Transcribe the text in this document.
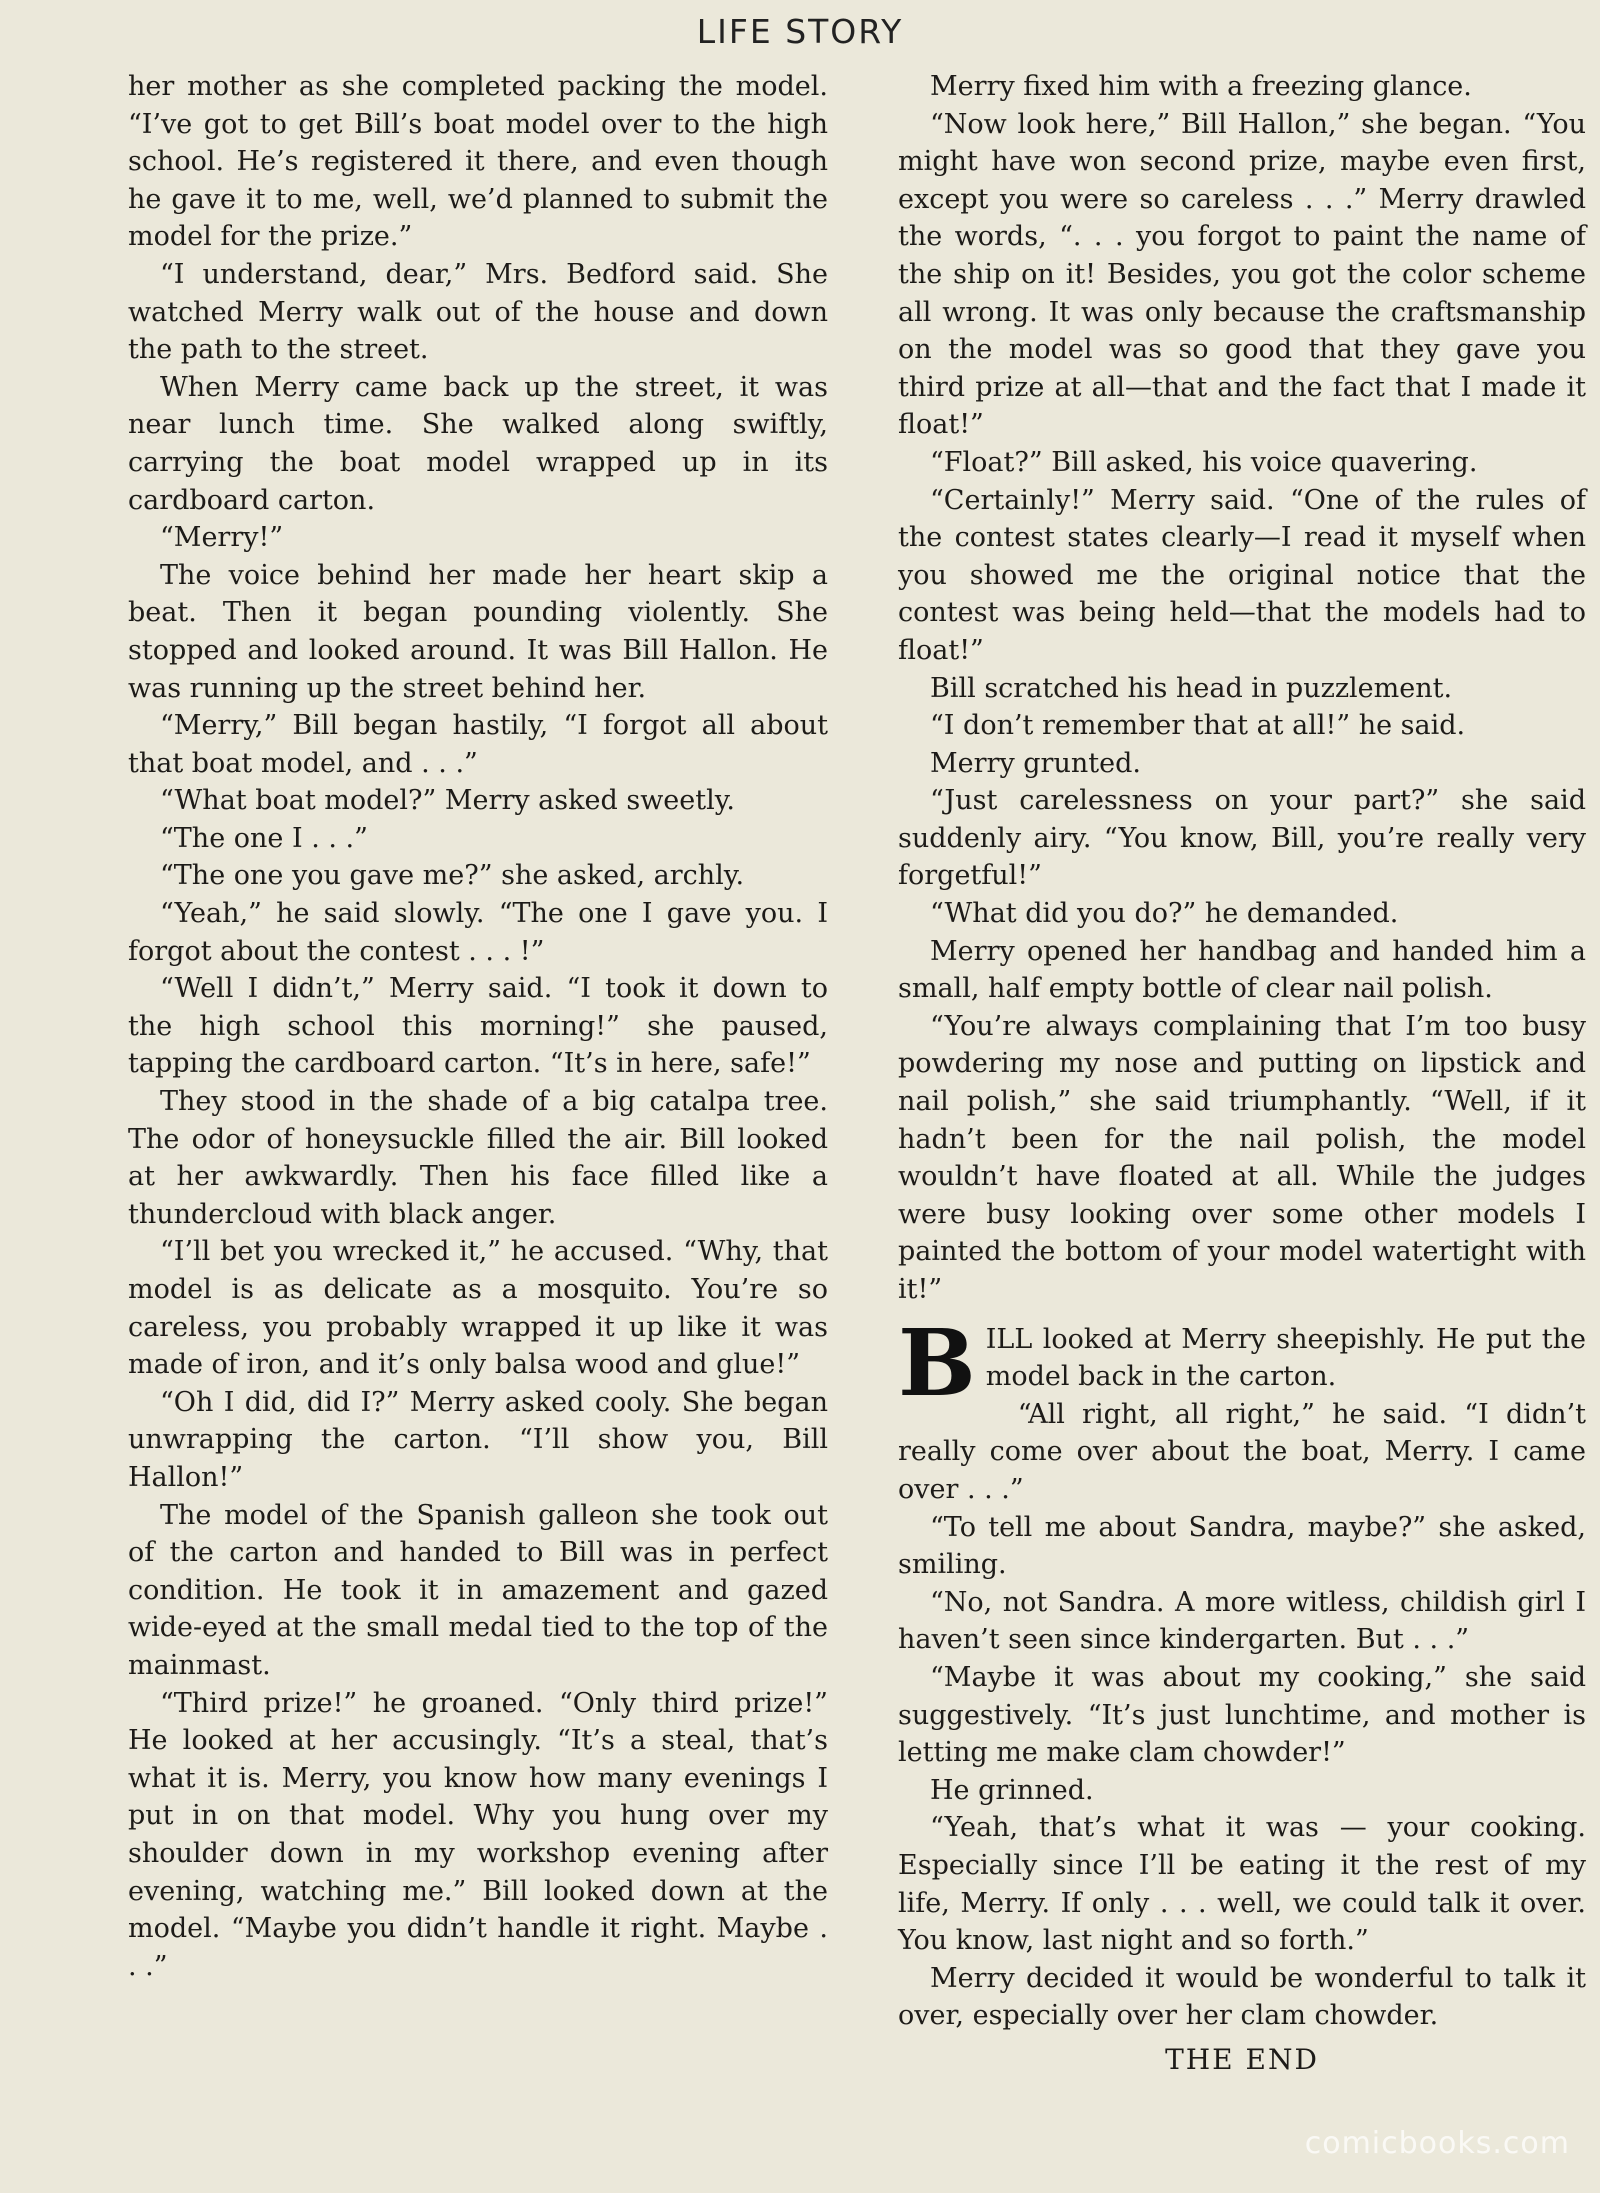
LIFE STORY

her mother as she completed packing the model. “I’ve got to get Bill’s boat model over to the high school. He’s registered it there, and even though he gave it to me, well, we’d planned to submit the model for the prize.”

“I understand, dear,” Mrs. Bedford said. She watched Merry walk out of the house and down the path to the street.

When Merry came back up the street, it was near lunch time. She walked along swiftly, carrying the boat model wrapped up in its cardboard carton.

“Merry!”

The voice behind her made her heart skip a beat. Then it began pounding violently. She stopped and looked around. It was Bill Hallon. He was running up the street behind her.

“Merry,” Bill began hastily, “I forgot all about that boat model, and . . .”

“What boat model?” Merry asked sweetly.

“The one I . . .”

“The one you gave me?” she asked, archly.

“Yeah,” he said slowly. “The one I gave you. I forgot about the contest . . . !”

“Well I didn’t,” Merry said. “I took it down to the high school this morning!” she paused, tapping the cardboard carton. “It’s in here, safe!”

They stood in the shade of a big catalpa tree. The odor of honeysuckle filled the air. Bill looked at her awkwardly. Then his face filled like a thundercloud with black anger.

“I’ll bet you wrecked it,” he accused. “Why, that model is as delicate as a mosquito. You’re so careless, you probably wrapped it up like it was made of iron, and it’s only balsa wood and glue!”

“Oh I did, did I?” Merry asked cooly. She began unwrapping the carton. “I’ll show you, Bill Hallon!”

The model of the Spanish galleon she took out of the carton and handed to Bill was in perfect condition. He took it in amazement and gazed wide-eyed at the small medal tied to the top of the mainmast.

“Third prize!” he groaned. “Only third prize!” He looked at her accusingly. “It’s a steal, that’s what it is. Merry, you know how many evenings I put in on that model. Why you hung over my shoulder down in my workshop evening after evening, watching me.” Bill looked down at the model. “Maybe you didn’t handle it right. Maybe . . .”

Merry fixed him with a freezing glance.

“Now look here,” Bill Hallon,” she began. “You might have won second prize, maybe even first, except you were so careless . . .” Merry drawled the words, “. . . you forgot to paint the name of the ship on it! Besides, you got the color scheme all wrong. It was only because the craftsmanship on the model was so good that they gave you third prize at all—that and the fact that I made it float!”

“Float?” Bill asked, his voice quavering.

“Certainly!” Merry said. “One of the rules of the contest states clearly—I read it myself when you showed me the original notice that the contest was being held—that the models had to float!”

Bill scratched his head in puzzlement.

“I don’t remember that at all!” he said.

Merry grunted.

“Just carelessness on your part?” she said suddenly airy. “You know, Bill, you’re really very forgetful!”

“What did you do?” he demanded.

Merry opened her handbag and handed him a small, half empty bottle of clear nail polish.

“You’re always complaining that I’m too busy powdering my nose and putting on lipstick and nail polish,” she said triumphantly. “Well, if it hadn’t been for the nail polish, the model wouldn’t have floated at all. While the judges were busy looking over some other models I painted the bottom of your model watertight with it!”

BILL looked at Merry sheepishly. He put the model back in the carton.

“All right, all right,” he said. “I didn’t really come over about the boat, Merry. I came over . . .”

“To tell me about Sandra, maybe?” she asked, smiling.

“No, not Sandra. A more witless, childish girl I haven’t seen since kindergarten. But . . .”

“Maybe it was about my cooking,” she said suggestively. “It’s just lunchtime, and mother is letting me make clam chowder!”

He grinned.

“Yeah, that’s what it was — your cooking. Especially since I’ll be eating it the rest of my life, Merry. If only . . . well, we could talk it over. You know, last night and so forth.”

Merry decided it would be wonderful to talk it over, especially over her clam chowder.

THE END

comicbooks.com
